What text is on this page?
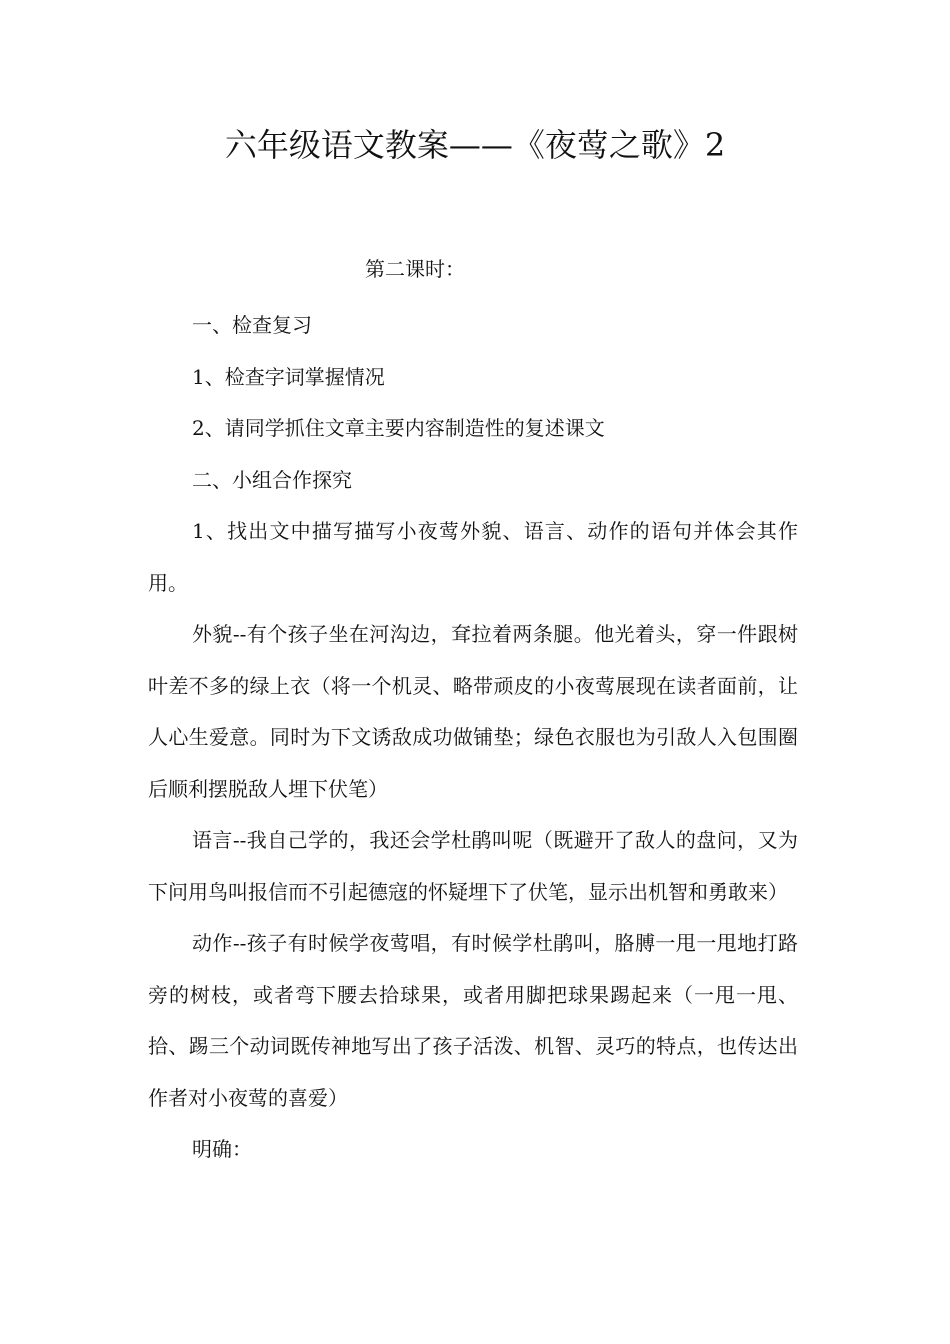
六年级语文教案——《夜莺之歌》2

第二课时：

一、检查复习

1、检查字词掌握情况

2、请同学抓住文章主要内容制造性的复述课文

二、小组合作探究

1、找出文中描写描写小夜莺外貌、语言、动作的语句并体会其作用。

外貌--有个孩子坐在河沟边，耷拉着两条腿。他光着头，穿一件跟树叶差不多的绿上衣（将一个机灵、略带顽皮的小夜莺展现在读者面前，让人心生爱意。同时为下文诱敌成功做铺垫；绿色衣服也为引敌人入包围圈后顺利摆脱敌人埋下伏笔）

语言--我自己学的，我还会学杜鹃叫呢（既避开了敌人的盘问，又为下问用鸟叫报信而不引起德寇的怀疑埋下了伏笔，显示出机智和勇敢来）

动作--孩子有时候学夜莺唱，有时候学杜鹃叫，胳膊一甩一甩地打路旁的树枝，或者弯下腰去拾球果，或者用脚把球果踢起来（一甩一甩、拾、踢三个动词既传神地写出了孩子活泼、机智、灵巧的特点，也传达出作者对小夜莺的喜爱）

明确：
